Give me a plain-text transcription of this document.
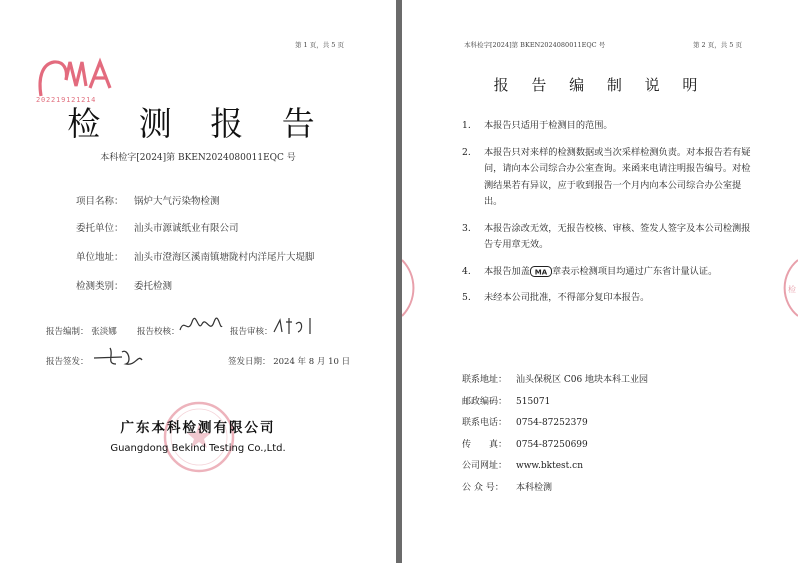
第 1 页，共 5 页
202219121214
检 测 报 告
本科检字[2024]第 BKEN2024080011EQC 号
项目名称： 锅炉大气污染物检测
委托单位： 汕头市源诚纸业有限公司
单位地址： 汕头市澄海区溪南镇塘陇村内洋尾片大堤脚
检测类别： 委托检测
报告编制： 张淡娜 报告校核：	报告审核：
报告签发：	签发日期： 2024 年 8 月 10 日
广东本科检测有限公司
Guangdong Bekind Testing Co.,Ltd.
本科检字[2024]第 BKEN2024080011EQC 号	第 2 页，共 5 页
报 告 编 制 说 明
1. 本报告只适用于检测目的范围。
2. 本报告只对来样的检测数据或当次采样检测负责。对本报告若有疑问，请向本公司综合办公室查询。来函来电请注明报告编号。对检测结果若有异议，应于收到报告一个月内向本公司综合办公室提出。
3. 本报告涂改无效，无报告校核、审核、签发人签字及本公司检测报告专用章无效。
4. 本报告加盖 MA 章表示检测项目均通过广东省计量认证。
5. 未经本公司批准，不得部分复印本报告。
检
联系地址： 汕头保税区 C06 地块本科工业园
邮政编码： 515071
联系电话： 0754-87252379
传　　真： 0754-87250699
公司网址： www.bktest.cn
公 众 号： 本科检测
